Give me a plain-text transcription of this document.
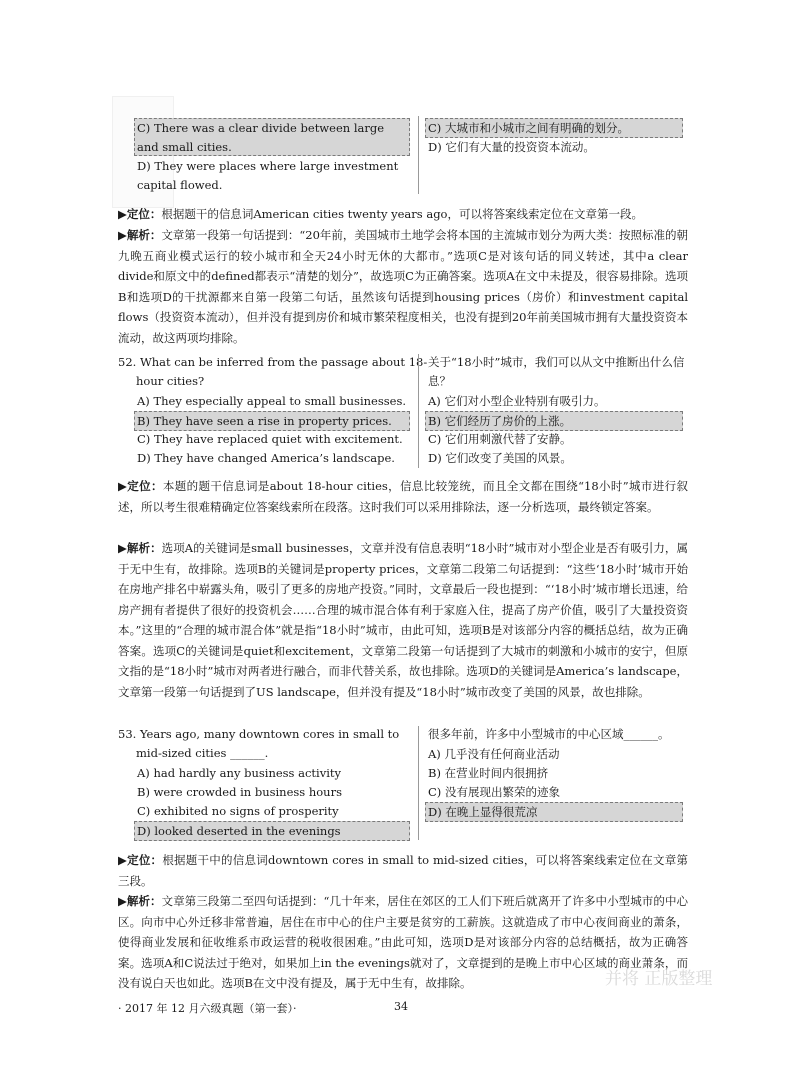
C) There was a clear divide between large and small cities.
D) They were places where large investment capital flowed.
C) 大城市和小城市之间有明确的划分。
D) 它们有大量的投资资本流动。
▶定位：根据题干的信息词American cities twenty years ago，可以将答案线索定位在文章第一段。
▶解析：文章第一段第一句话提到：“20年前，美国城市土地学会将本国的主流城市划分为两大类：按照标准的朝九晚五商业模式运行的较小城市和全天24小时无休的大都市。”选项C是对该句话的同义转述，其中a clear divide和原文中的defined都表示“清楚的划分”，故选项C为正确答案。选项A在文中未提及，很容易排除。选项B和选项D的干扰源都来自第一段第二句话，虽然该句话提到housing prices（房价）和investment capital flows（投资资本流动），但并没有提到房价和城市繁荣程度相关，也没有提到20年前美国城市拥有大量投资资本流动，故这两项均排除。
52. What can be inferred from the passage about 18-hour cities?
A) They especially appeal to small businesses.
B) They have seen a rise in property prices.
C) They have replaced quiet with excitement.
D) They have changed America’s landscape.
关于“18小时”城市，我们可以从文中推断出什么信息？
A) 它们对小型企业特别有吸引力。
B) 它们经历了房价的上涨。
C) 它们用刺激代替了安静。
D) 它们改变了美国的风景。
▶定位：本题的题干信息词是about 18-hour cities，信息比较笼统，而且全文都在围绕“18小时”城市进行叙述，所以考生很难精确定位答案线索所在段落。这时我们可以采用排除法，逐一分析选项，最终锁定答案。
▶解析：选项A的关键词是small businesses，文章并没有信息表明“18小时”城市对小型企业是否有吸引力，属于无中生有，故排除。选项B的关键词是property prices，文章第二段第二句话提到：“这些‘18小时’城市开始在房地产排名中崭露头角，吸引了更多的房地产投资。”同时，文章最后一段也提到：“‘18小时’城市增长迅速，给房产拥有者提供了很好的投资机会……合理的城市混合体有利于家庭入住，提高了房产价值，吸引了大量投资资本。”这里的“合理的城市混合体”就是指“18小时”城市，由此可知，选项B是对该部分内容的概括总结，故为正确答案。选项C的关键词是quiet和excitement，文章第二段第一句话提到了大城市的刺激和小城市的安宁，但原文指的是“18小时”城市对两者进行融合，而非代替关系，故也排除。选项D的关键词是America’s landscape，文章第一段第一句话提到了US landscape，但并没有提及“18小时”城市改变了美国的风景，故也排除。
53. Years ago, many downtown cores in small to mid-sized cities ______.
A) had hardly any business activity
B) were crowded in business hours
C) exhibited no signs of prosperity
D) looked deserted in the evenings
很多年前，许多中小型城市的中心区域______。
A) 几乎没有任何商业活动
B) 在营业时间内很拥挤
C) 没有展现出繁荣的迹象
D) 在晚上显得很荒凉
▶定位：根据题干中的信息词downtown cores in small to mid-sized cities，可以将答案线索定位在文章第三段。
▶解析：文章第三段第二至四句话提到：“几十年来，居住在郊区的工人们下班后就离开了许多中小型城市的中心区。向市中心外迁移非常普遍，居住在市中心的住户主要是贫穷的工薪族。这就造成了市中心夜间商业的萧条，使得商业发展和征收维系市政运营的税收很困难。”由此可知，选项D是对该部分内容的总结概括，故为正确答案。选项A和C说法过于绝对，如果加上in the evenings就对了，文章提到的是晚上市中心区域的商业萧条，而没有说白天也如此。选项B在文中没有提及，属于无中生有，故排除。	并将 正版整理
· 2017 年 12 月六级真题（第一套）·	34
